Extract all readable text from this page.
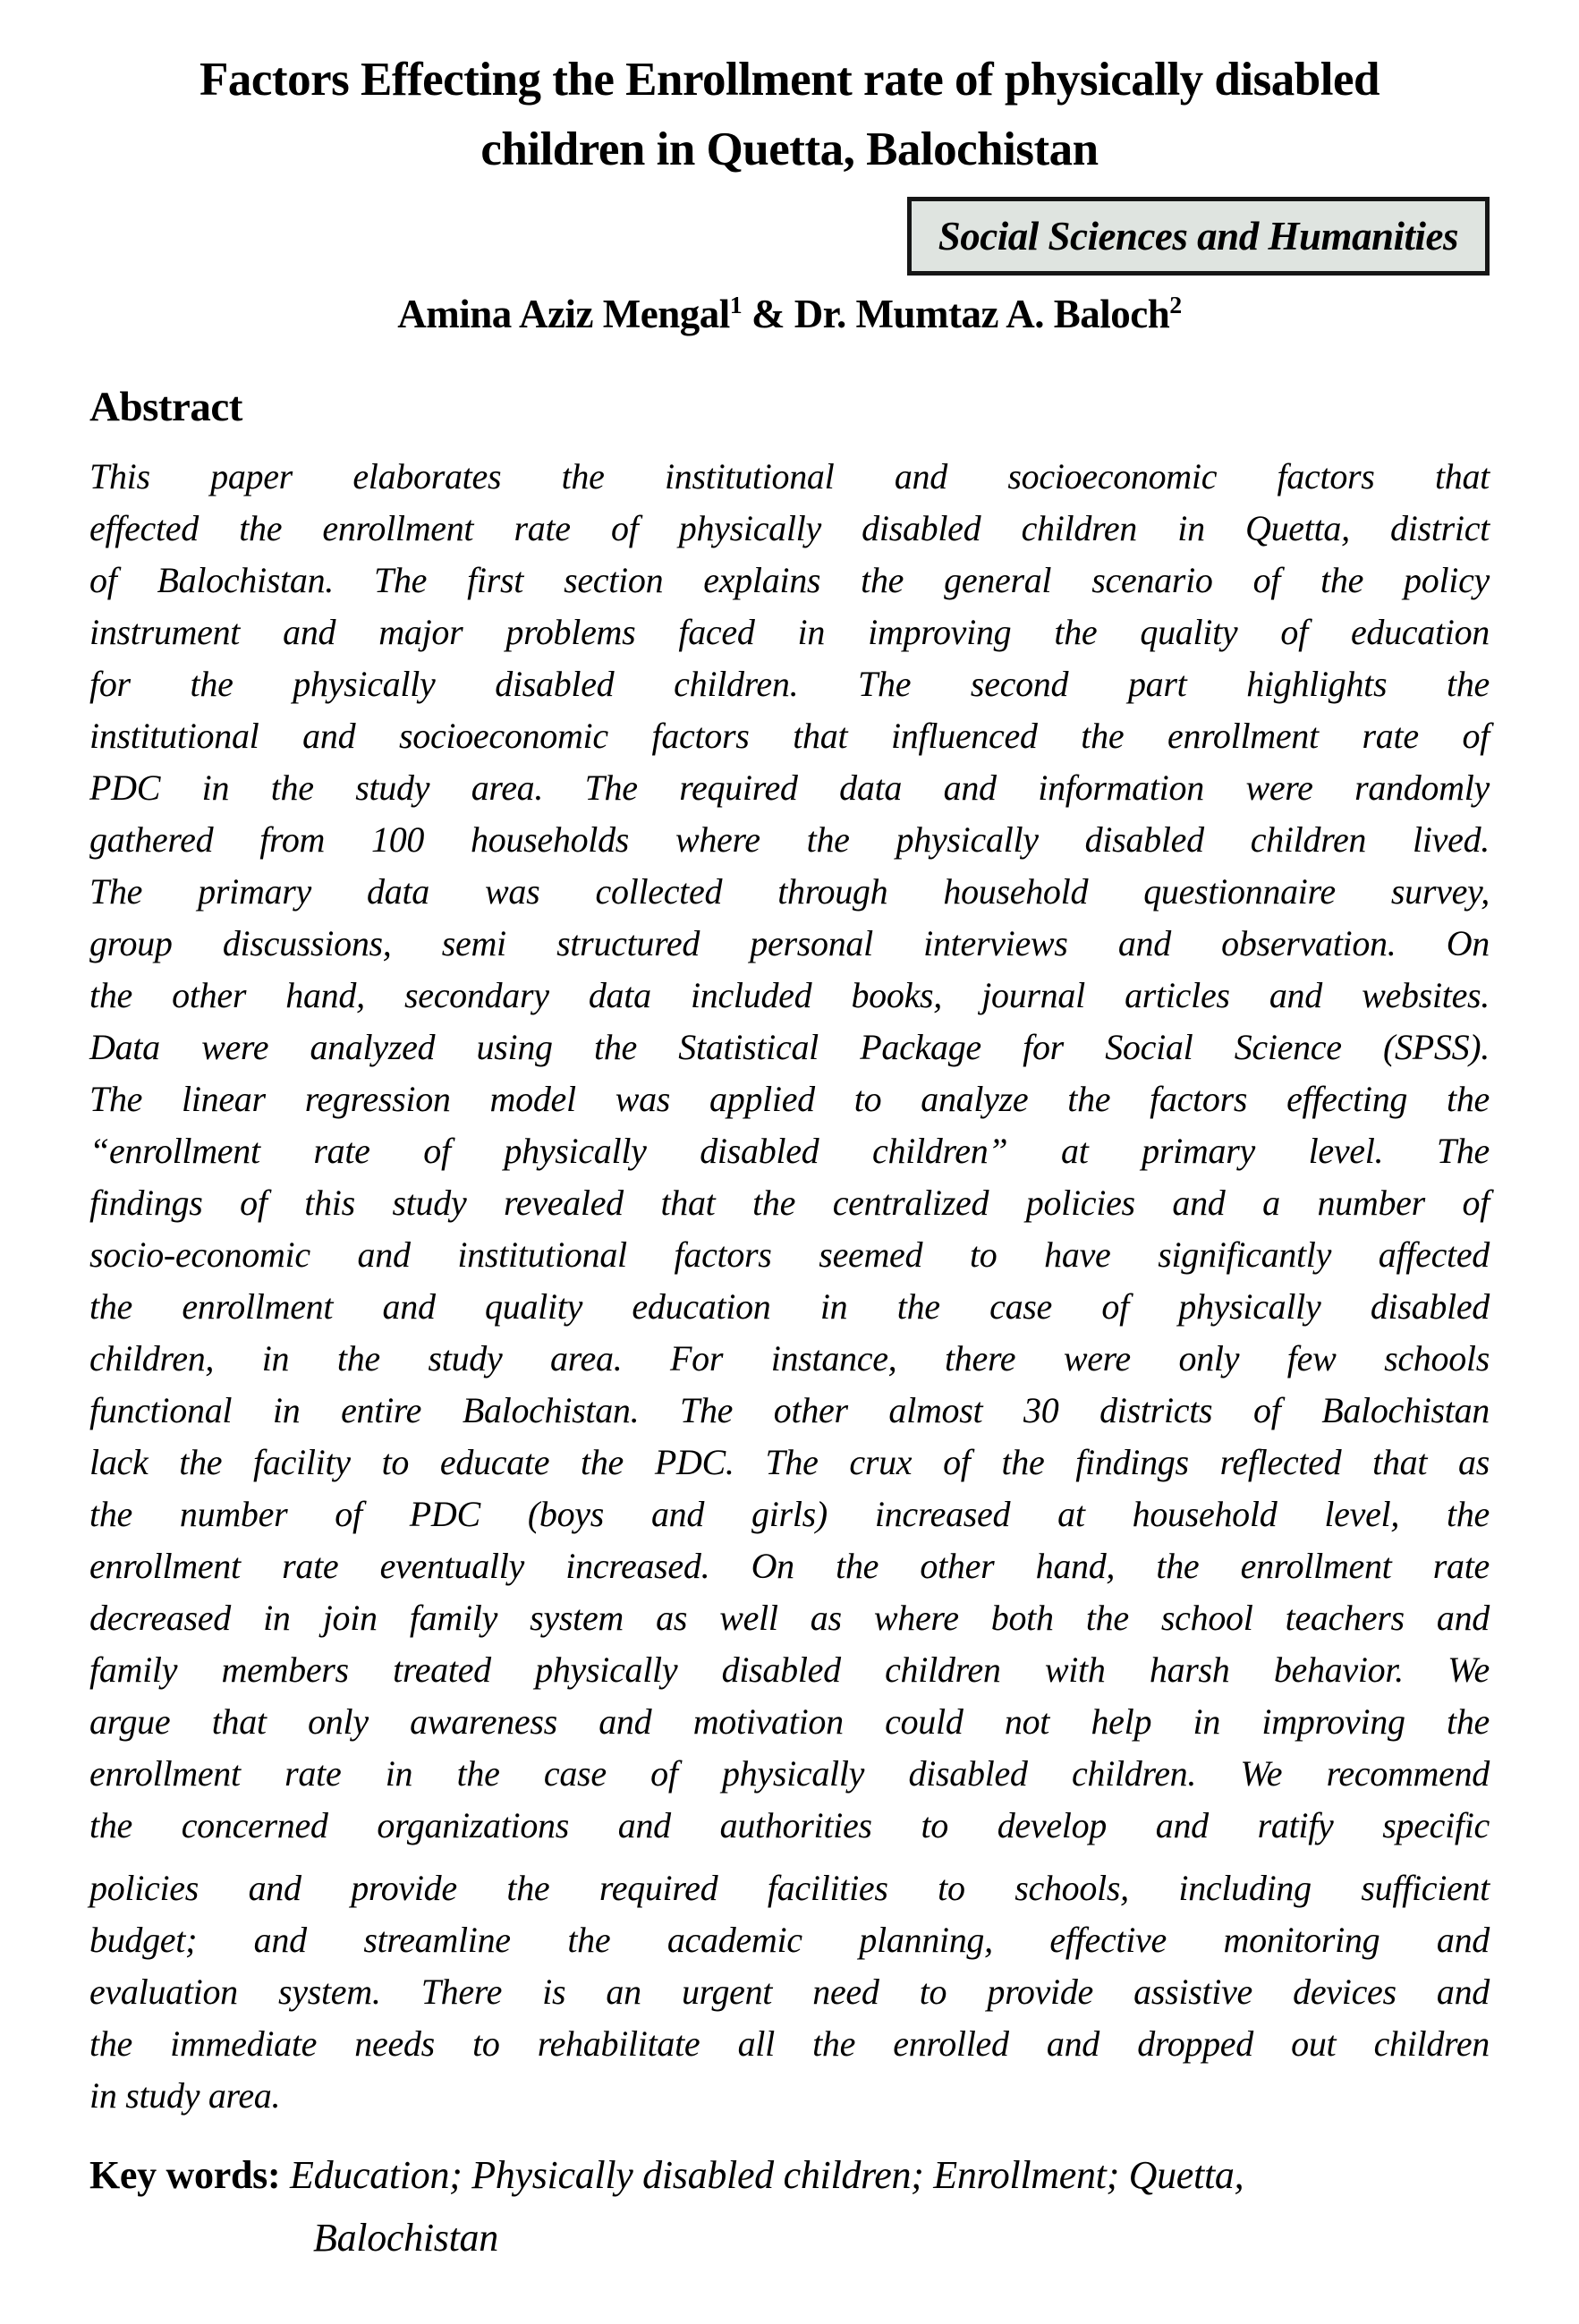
Factors Effecting the Enrollment rate of physically disabled
children in Quetta, Balochistan
Social Sciences and Humanities
Amina Aziz Mengal$^1$ & Dr. Mumtaz A. Baloch$^2$
Abstract
This paper elaborates the institutional and socioeconomic factors that
effected the enrollment rate of physically disabled children in Quetta, district
of Balochistan. The first section explains the general scenario of the policy
instrument and major problems faced in improving the quality of education
for the physically disabled children. The second part highlights the
institutional and socioeconomic factors that influenced the enrollment rate of
PDC in the study area. The required data and information were randomly
gathered from 100 households where the physically disabled children lived.
The primary data was collected through household questionnaire survey,
group discussions, semi structured personal interviews and observation. On
the other hand, secondary data included books, journal articles and websites.
Data were analyzed using the Statistical Package for Social Science (SPSS).
The linear regression model was applied to analyze the factors effecting the
“enrollment rate of physically disabled children” at primary level. The
findings of this study revealed that the centralized policies and a number of
socio-economic and institutional factors seemed to have significantly affected
the enrollment and quality education in the case of physically disabled
children, in the study area. For instance, there were only few schools
functional in entire Balochistan. The other almost 30 districts of Balochistan
lack the facility to educate the PDC. The crux of the findings reflected that as
the number of PDC (boys and girls) increased at household level, the
enrollment rate eventually increased. On the other hand, the enrollment rate
decreased in join family system as well as where both the school teachers and
family members treated physically disabled children with harsh behavior. We
argue that only awareness and motivation could not help in improving the
enrollment rate in the case of physically disabled children. We recommend
the concerned organizations and authorities to develop and ratify specific
policies and provide the required facilities to schools, including sufficient
budget; and streamline the academic planning, effective monitoring and
evaluation system. There is an urgent need to provide assistive devices and
the immediate needs to rehabilitate all the enrolled and dropped out children
in study area.
Key words: Education; Physically disabled children; Enrollment; Quetta,
Balochistan
